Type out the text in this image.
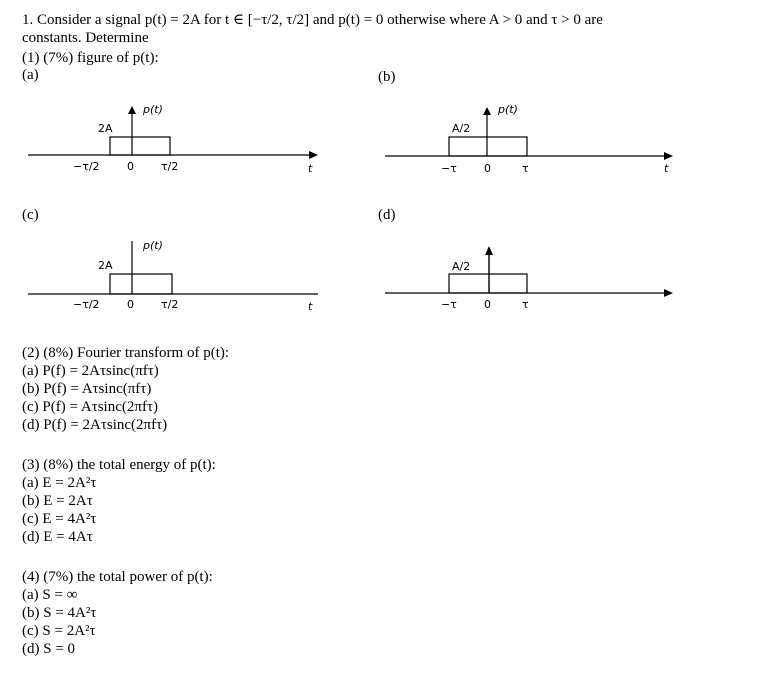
1. Consider a signal p(t) = 2A for t ∈ [−τ/2, τ/2] and p(t) = 0 otherwise where A > 0 and τ > 0 are
constants. Determine
(1) (7%) figure of p(t):
(a)	(b)
(c)	(d)
p(t)
2A
−τ/2 0 τ/2	t
p(t)
A/2
−τ 0	τ	t
p(t)
2A
−τ/2 0 τ/2	t
A/2
−τ 0	τ
(2) (8%) Fourier transform of p(t):
(a) P(f) = 2Aτsinc(πfτ)
(b) P(f) = Aτsinc(πfτ)
(c) P(f) = Aτsinc(2πfτ)
(d) P(f) = 2Aτsinc(2πfτ)
(3) (8%) the total energy of p(t):
(a) E = 2A²τ
(b) E = 2Aτ
(c) E = 4A²τ
(d) E = 4Aτ
(4) (7%) the total power of p(t):
(a) S = ∞
(b) S = 4A²τ
(c) S = 2A²τ
(d) S = 0
